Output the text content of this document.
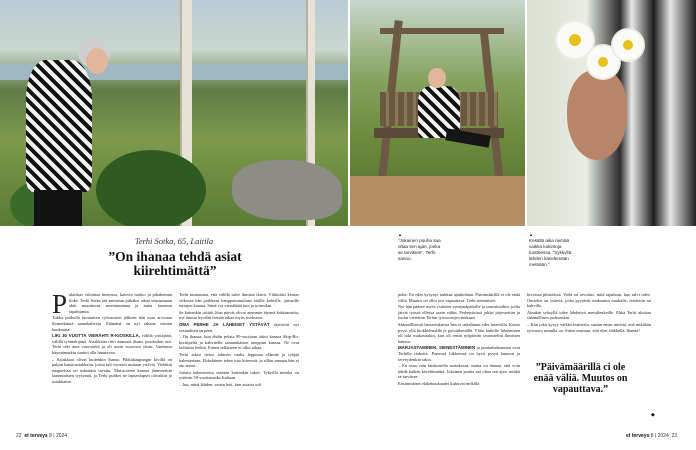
▲ ”Jokainen pouha saa oltaa sen ajan, jonka se tarvitsee”, Terhi sanoo.
▲ Kesällä aika riemää vaikka kukintoja tuotteessa. ”Sykkyllä lähden kävelemään metsään.”
Terhi Sotka, 65, Laitila
”On ihanaa tehdä asiat kiirehtimättä”
P alaiskas viiloässä menossa, kaisvin tuokio ja pihakemun iloke. Terhi Sotka jää aamuisin pitkäksi aikaa seuraamaan alati muuttuvaa meriniasemaa ja nuita luonnon tapahtumia.

Tukka puikolla luontaisen työvuosien jälkeen hän osaa arvostaa ikimerkimiä aamukahveja. Elämänä on nyt takana viimen kuukautta.

LIKI 30 VUOTTA VIERÄHTI R-KIOSKILLA, välillä yrittäjänä, välillä työntekijänä. Asiakkaita riitti aamusta iltaan, jonoksikin asti. Terhi teki aina vuorotöitä ja oli usein vuorossa yksin. Vanhassa käymämarkin saattoi olla haastavaa.

– Asiakkaat olivat kuitenkin ihania. Pikkukaupungin kivillä on paljon kanta-asiakkaita, joista tuli vuosien mittaan ystäviä. Vieläkin naapurissa on äskettäin tavattu. Muistoisten kanssa jännittettiin laatentaisten tyytymät, ja Terhi puhkei ne lapsenlapset olivatkin jo asiakkaina.

Terhi tuumustaa, että välillä tulee ihmisiä ikävä. Väliittäisi kernas viikossa hän poikkeaa kaupparuntuilaan ärtälle kahville, juttusille tuttujen kanssa. Siinä voi viestähtää tuot ja toisenkin.

Se kuitenkin riittää. Kun päivät olivat aiemmin täynnä kohtaamisia, nyt tuntuu hyvältä viettää aikaa myös itsekseen.

OMA PERHE JA LÄHEISET YSTÄVÄT täyttävät nyt sosiaalisen tarpeen.

– On ihanaa, kun ehdin pelata 89-vuotiaan äitini kanssa Skip-Bo-korttipeliä ja kahvitella samanikäisen anoppini kanssa. Ne ovat kultaisia hetkiä. Ennen sellaiseen ei ollut aikaa.

Terhi aikoo tietoo tahtoen vaalia lepposaa elämää ja tyhjää kalenteriaan. Ehkeläinen tekee tiuo kiireestä, ja sillön aamaat hän ei aio antaa.

Joitain kalentereisa sentään kuitenkin tukee. Tykyillä mieska on ystävän 50-vuotismatka Italiaan.

– Juu, minä lähden, vaisin heti, kun asiasta tuli

puhe. En edes kysynyt tarkkaa ajankohtaa. Päivämäärillä ei ole enää väliä. Muutos on ollut tosi vapauttava, Terhi riemuitsee.

Nyt hän pääsee myös ystävien syntymäpäiville ja sauvaiitoihin, joilta jäivät työssä ollessa usein väliin. Perhepiirissä juhlat järjestettiin ja loulut vietettiin Terhin työvuorojen mukaan.

Säännöllisestä harrastuksesta hän ei uskaltanut edes haaveilla. Kunto pysyi yllä kiokkelemällä ja pyöräilemällä. Yhtin lenkille lähteminen oli toki mukavaakin, kun oli ensin työpäivän seurasteltut ihmisten kanssa.

MARJASTAMINEN, SIENESTÄMINEN ja puutarhahommat ovat Terhille tärkeitä. Parsessä liikkeessä on hyvä pysyä kunnon ja terveydenkin takia.

– En osaa vain laiskostella aurinkossa, mutta on ihanaa, että voin tehdä kaiken kiirehtimättä. Jokainen pouha saa oltaa sen ajan, minkä se tarvitsee.

Ensimmäiset eläkekuukaudet kuluivat mökillä

kivoissa pihatöissä. Vielä on arvoitus, mitä tapahtuu, kun talvi tulee. Omseksi on ystäviä, jotka pyytävät mukaansa markalle, teatteriin tai kahville.

Ainakin syksyllä tulee lähdettyä metsälenkeille. Ehkä Terhi aloittaa säännöllisen juoksenkin.

– Kun joku kysyy vaikka teatteriin, saatan ensin miettiä, että mikähän työvuoro minulla on. Sitten muistan, että olen eläkkellä. Ihanaa!

”Päivämäärillä ci ole enää väliä. Muutos on vapauttava.”
◆
22 et terveys 8 | 2024	et terveys 8 | 2024 23
